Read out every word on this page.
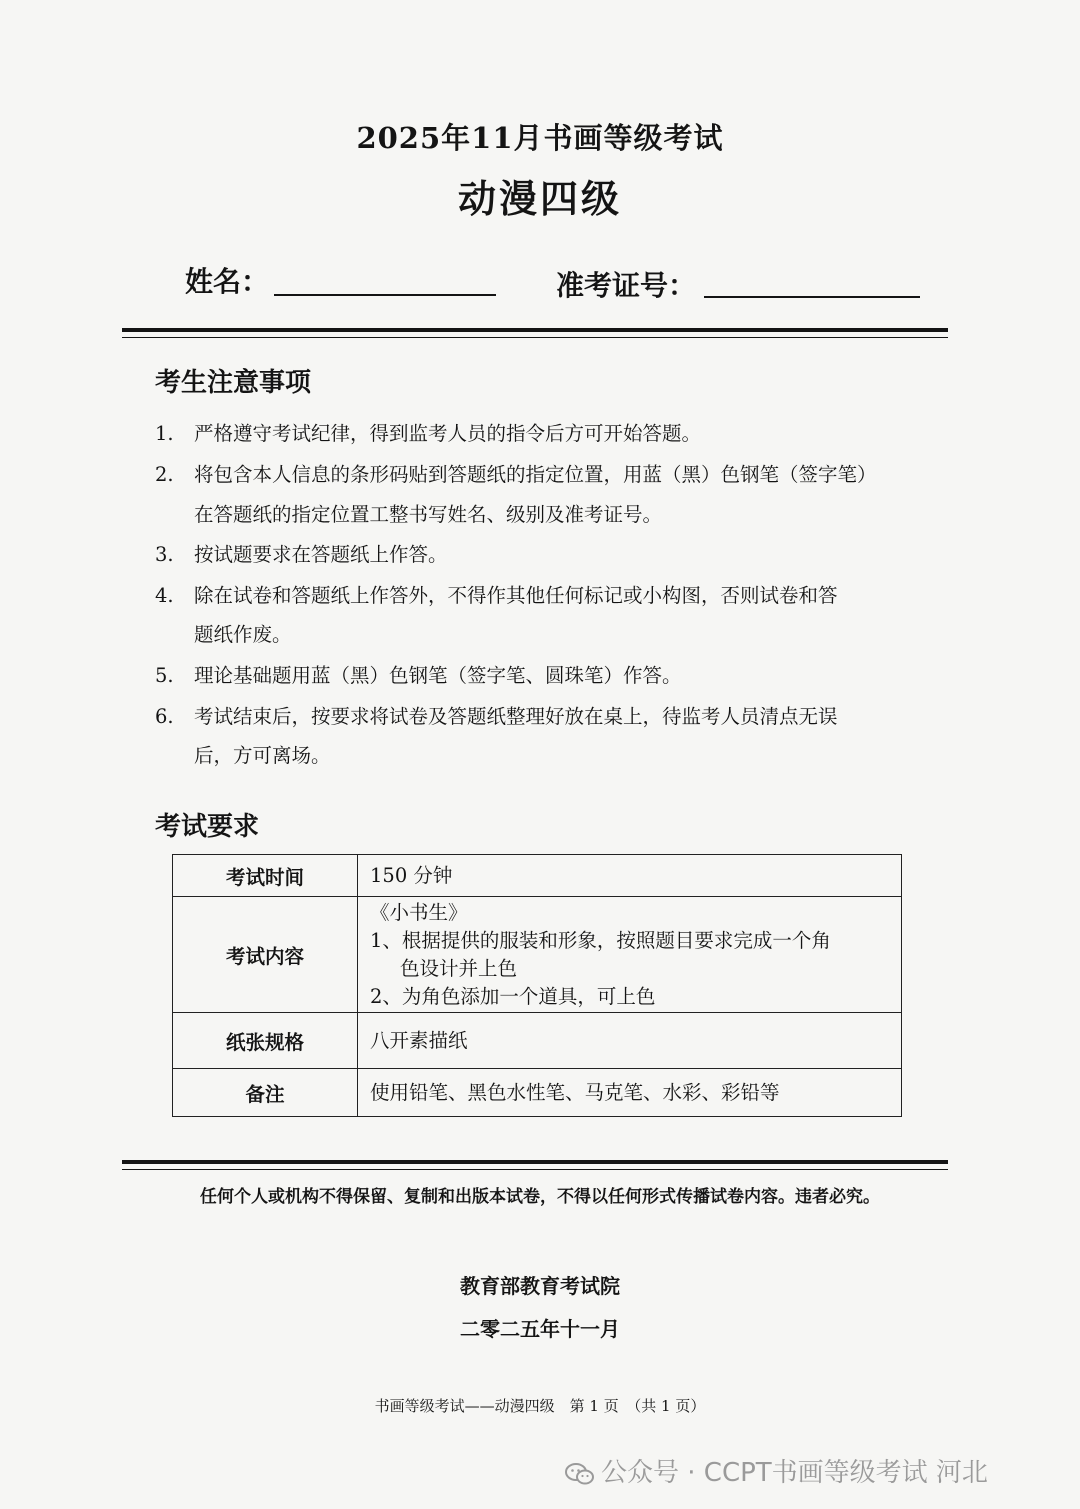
2025年11月书画等级考试
动漫四级
姓名：	准考证号：
考生注意事项
1. 严格遵守考试纪律，得到监考人员的指令后方可开始答题。
2. 将包含本人信息的条形码贴到答题纸的指定位置，用蓝（黑）色钢笔（签字笔）
在答题纸的指定位置工整书写姓名、级别及准考证号。
3. 按试题要求在答题纸上作答。
4. 除在试卷和答题纸上作答外，不得作其他任何标记或小构图，否则试卷和答
题纸作废。
5. 理论基础题用蓝（黑）色钢笔（签字笔、圆珠笔）作答。
6. 考试结束后，按要求将试卷及答题纸整理好放在桌上，待监考人员清点无误
后，方可离场。
考试要求
考试时间	150 分钟
考试内容	《小书生》
1、根据提供的服装和形象，按照题目要求完成一个角
色设计并上色
2、为角色添加一个道具，可上色

纸张规格	八开素描纸
备注	使用铅笔、黑色水性笔、马克笔、水彩、彩铅等
任何个人或机构不得保留、复制和出版本试卷，不得以任何形式传播试卷内容。违者必究。
教育部教育考试院
二零二五年十一月
书画等级考试——动漫四级　第 1 页　（共 1 页）
公众号 · CCPT书画等级考试 河北
